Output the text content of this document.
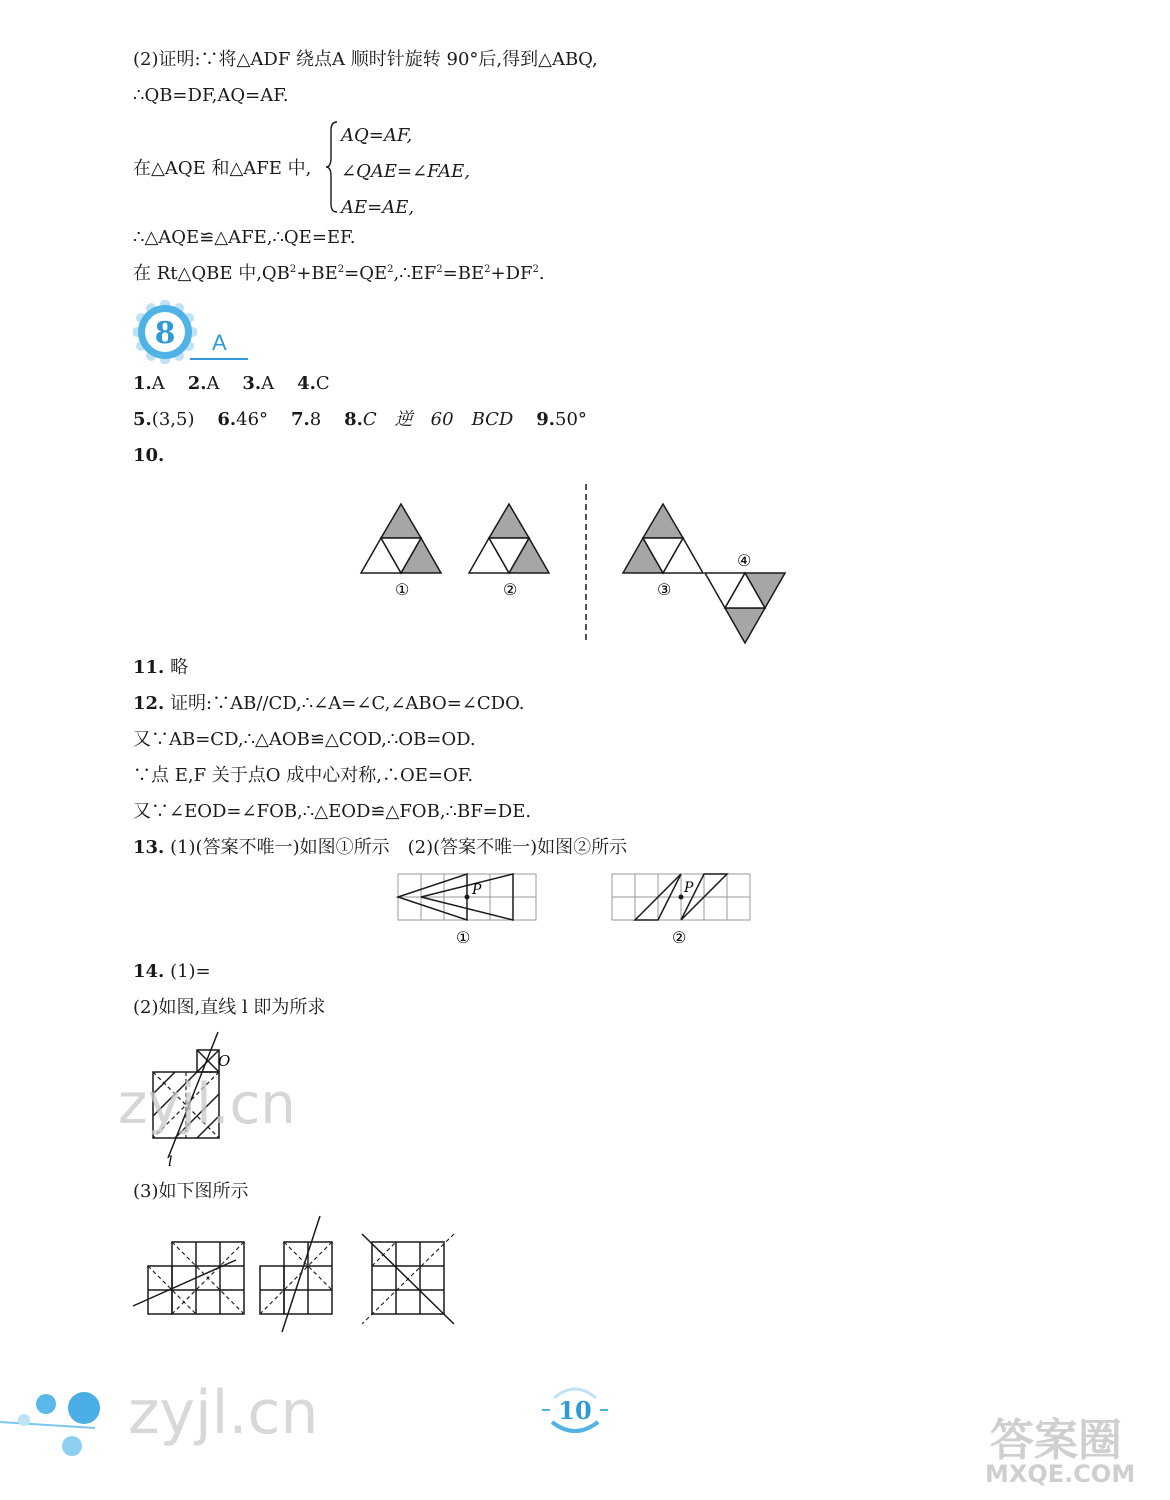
(2)证明:∵将△ADF 绕点A 顺时针旋转 90°后,得到△ABQ,
∴QB=DF,AQ=AF.
在△AQE 和△AFE 中,
AQ=AF,
∠QAE=∠FAE,
AE=AE,
∴△AQE≌△AFE,∴QE=EF.
在 Rt△QBE 中$,QB^2+BE^2=QE^2,\therefore EF^2=BE^2+DF^2$.
8 A
1.A 2.A 3.A 4.C
5.(3,5) 6.46° 7.8 8.C　逆　60　BCD 9.50°
10.
①	②	③
④
11. 略
12. 证明:∵AB//CD,∴∠A=∠C,∠ABO=∠CDO.
又∵AB=CD,∴△AOB≌△COD,∴OB=OD.
∵点 E,F 关于点O 成中心对称,∴OE=OF.
又∵∠EOD=∠FOB,∴△EOD≌△FOB,∴BF=DE.
13. (1)(答案不唯一)如图①所示　(2)(答案不唯一)如图②所示
P
①
P
②
14. (1)=
(2)如图,直线 l 即为所求
O
l
(3)如下图所示
zyjl.cn	10
zyjl.cn
答案圈
MXQE.COM
